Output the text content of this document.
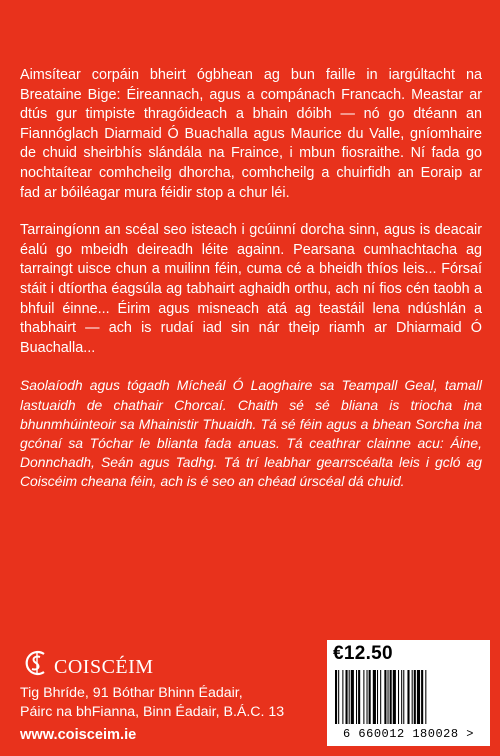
Aimsítear corpáin bheirt ógbhean ag bun faille in iargúltacht na Breataine Bige: Éireannach, agus a compánach Francach. Meastar ar dtús gur timpiste thragóideach a bhain dóibh — nó go dtéann an Fiannóglach Diarmaid Ó Buachalla agus Maurice du Valle, gníomhaire de chuid sheirbhís slándála na Fraince, i mbun fiosraithe. Ní fada go nochtaítear comhcheilg dhorcha, comhcheilg a chuirfidh an Eoraip ar fad ar bóiléagar mura féidir stop a chur léi.

Tarraingíonn an scéal seo isteach i gcúinní dorcha sinn, agus is deacair éalú go mbeidh deireadh léite againn. Pearsana cumhachtacha ag tarraingt uisce chun a muilinn féin, cuma cé a bheidh thíos leis... Fórsaí stáit i dtíortha éagsúla ag tabhairt aghaidh orthu, ach ní fios cén taobh a bhfuil éinne... Éirim agus misneach atá ag teastáil lena ndúshlán a thabhairt — ach is rudaí iad sin nár theip riamh ar Dhiarmaid Ó Buachalla...

Saolaíodh agus tógadh Mícheál Ó Laoghaire sa Teampall Geal, tamall lastuaidh de chathair Chorcaí. Chaith sé sé bliana is triocha ina bhunmhúinteoir sa Mhainistir Thuaidh. Tá sé féin agus a bhean Sorcha ina gcónaí sa Tóchar le blianta fada anuas. Tá ceathrar clainne acu: Áine, Donnchadh, Seán agus Tadhg. Tá trí leabhar gearrscéalta leis i gcló ag Coiscéim cheana féin, ach is é seo an chéad úrscéal dá chuid.

COISCÉIM
Tig Bhríde, 91 Bóthar Bhinn Éadair,
Páirc na bhFianna, Binn Éadair, B.Á.C. 13
www.coisceim.ie
€12.50
6 660012 180028 >
